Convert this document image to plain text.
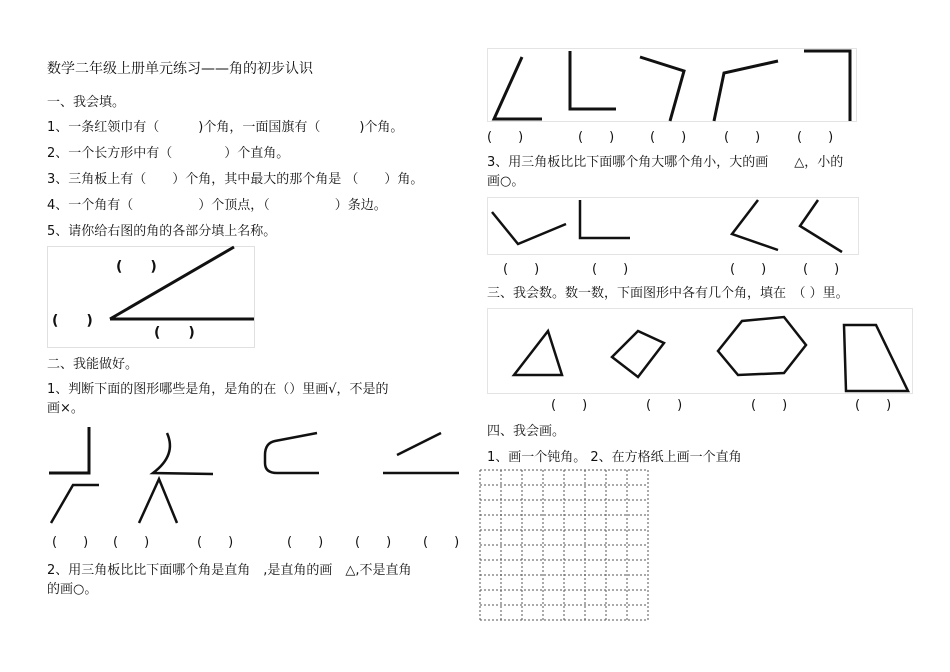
数学二年级上册单元练习——角的初步认识
一、我会填。
1、一条红领巾有（　　　)个角，一面国旗有（　　　)个角。
2、一个长方形中有（　　　　）个直角。
3、三角板上有（　　）个角，其中最大的那个角是 （　　）角。
4、一个角有（　　　　　）个顶点，（　　　　　）条边。
5、请你给右图的角的各部分填上名称。
(　　)
(　　)
(　　)
二、我能做好。
1、判断下面的图形哪些是角，是角的在（）里画√，不是的
画×。
(　　) (　　)	(　　)	(　　) (　　) (　　)
2、用三角板比比下面哪个角是直角　,是直角的画　△,不是直角
的画○。
(　　)	(　　)	(　　)	(　　)	(　　)
3、用三角板比比下面哪个角大哪个角小，大的画　　△，小的
画○。
(　　)	(　　)	(　　)	(　　)
三、我会数。数一数，下面图形中各有几个角，填在　（ ）里。
(　　)	(　　)	(　　)	(　　)
四、我会画。
1、画一个钝角。 2、在方格纸上画一个直角
